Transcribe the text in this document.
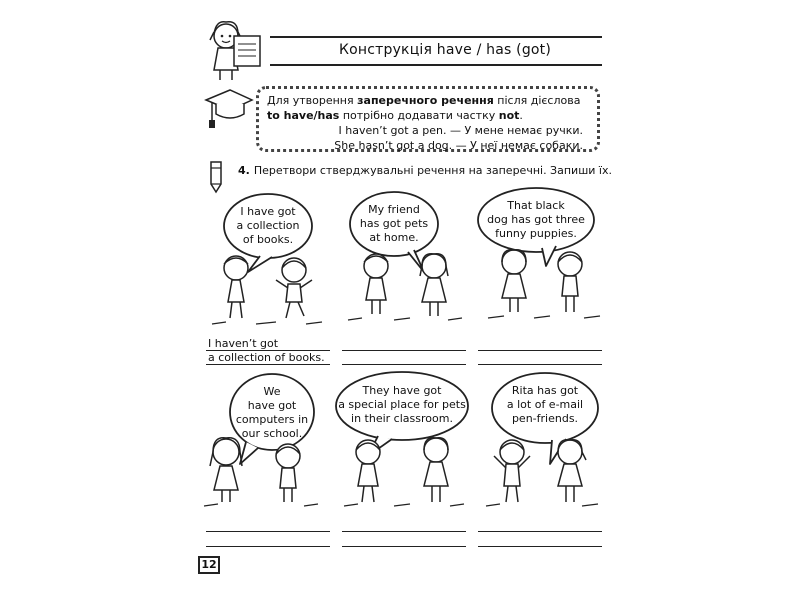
Конструкція have / has (got)
Для утворення заперечного речення після дієслова
to have/has потрібно додавати частку not.
I haven’t got a pen. — У мене немає ручки.
She hasn’t got a dog. — У неї немає собаки.
4. Перетвори стверджувальні речення на заперечні. Запиши їх.
I have got
a collection
of books.
My friend
has got pets
at home.
That black
dog has got three
funny puppies.
I haven’t got
a collection of books.
We
have got
computers in
our school.
They have got
a special place for pets
in their classroom.
Rita has got
a lot of e-mail
pen-friends.
12
